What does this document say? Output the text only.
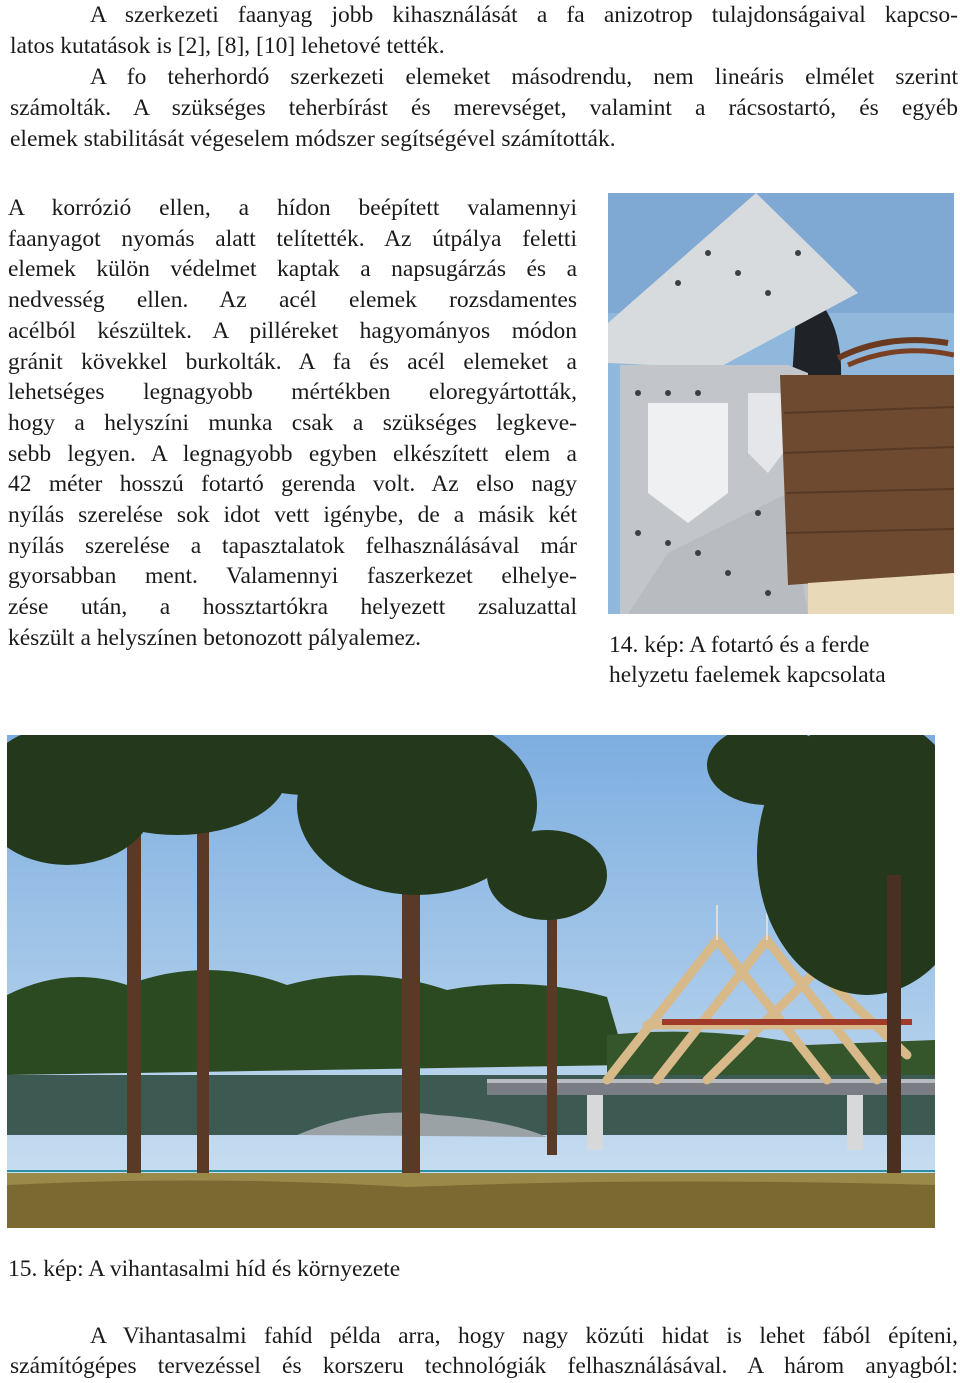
A szerkezeti faanyag jobb kihasználását a fa anizotrop tulajdonságaival kapcso-

latos kutatások is [2], [8], [10] lehetové tették.

A fo teherhordó szerkezeti elemeket másodrendu, nem lineáris elmélet szerint

számolták. A szükséges teherbírást és merevséget, valamint a rácsostartó, és egyéb

elemek stabilitását végeselem módszer segítségével számították.

A korrózió ellen, a hídon beépített valamennyi

faanyagot nyomás alatt telítették. Az útpálya feletti

elemek külön védelmet kaptak a napsugárzás és a

nedvesség ellen. Az acél elemek rozsdamentes

acélból készültek. A pilléreket hagyományos módon

gránit kövekkel burkolták. A fa és acél elemeket a

lehetséges legnagyobb mértékben eloregyártották,

hogy a helyszíni munka csak a szükséges legkeve-

sebb legyen. A legnagyobb egyben elkészített elem a

42 méter hosszú fotartó gerenda volt. Az elso nagy

nyílás szerelése sok idot vett igénybe, de a másik két

nyílás szerelése a tapasztalatok felhasználásával már

gyorsabban ment. Valamennyi faszerkezet elhelye-

zése után, a hossztartókra helyezett zsaluzattal

készült a helyszínen betonozott pályalemez.	14. kép: A fotartó és a ferde

helyzetu faelemek kapcsolata

15. kép: A vihantasalmi híd és környezete

A Vihantasalmi fahíd példa arra, hogy nagy közúti hidat is lehet fából építeni,

számítógépes tervezéssel és korszeru technológiák felhasználásával. A három anyagból:
